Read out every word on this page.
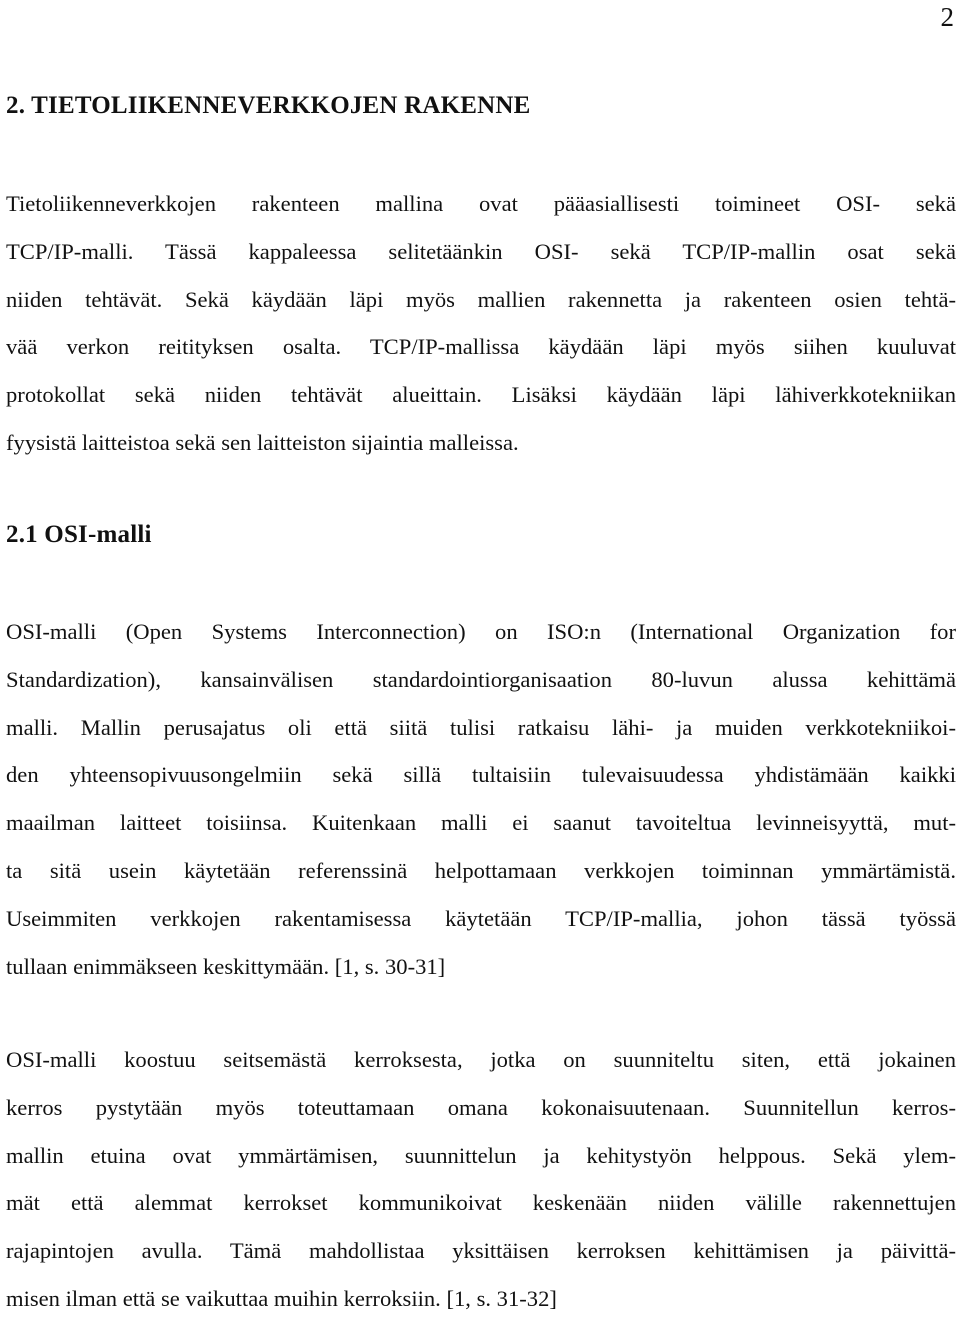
2
2. TIETOLIIKENNEVERKKOJEN RAKENNE

Tietoliikenneverkkojen rakenteen mallina ovat pääasiallisesti toimineet OSI- sekä
TCP/IP-malli. Tässä kappaleessa selitetäänkin OSI- sekä TCP/IP-mallin osat sekä
niiden tehtävät. Sekä käydään läpi myös mallien rakennetta ja rakenteen osien tehtä-
vää verkon reitityksen osalta. TCP/IP-mallissa käydään läpi myös siihen kuuluvat
protokollat sekä niiden tehtävät alueittain. Lisäksi käydään läpi lähiverkkotekniikan
fyysistä laitteistoa sekä sen laitteiston sijaintia malleissa.

2.1 OSI-malli

OSI-malli (Open Systems Interconnection) on ISO:n (International Organization for
Standardization), kansainvälisen standardointiorganisaation 80-luvun alussa kehittämä
malli. Mallin perusajatus oli että siitä tulisi ratkaisu lähi- ja muiden verkkotekniikoi-
den yhteensopivuusongelmiin sekä sillä tultaisiin tulevaisuudessa yhdistämään kaikki
maailman laitteet toisiinsa. Kuitenkaan malli ei saanut tavoiteltua levinneisyyttä, mut-
ta sitä usein käytetään referenssinä helpottamaan verkkojen toiminnan ymmärtämistä.
Useimmiten verkkojen rakentamisessa käytetään TCP/IP-mallia, johon tässä työssä
tullaan enimmäkseen keskittymään. [1, s. 30-31]

OSI-malli koostuu seitsemästä kerroksesta, jotka on suunniteltu siten, että jokainen
kerros pystytään myös toteuttamaan omana kokonaisuutenaan. Suunnitellun kerros-
mallin etuina ovat ymmärtämisen, suunnittelun ja kehitystyön helppous. Sekä ylem-
mät että alemmat kerrokset kommunikoivat keskenään niiden välille rakennettujen
rajapintojen avulla. Tämä mahdollistaa yksittäisen kerroksen kehittämisen ja päivittä-
misen ilman että se vaikuttaa muihin kerroksiin. [1, s. 31-32]
